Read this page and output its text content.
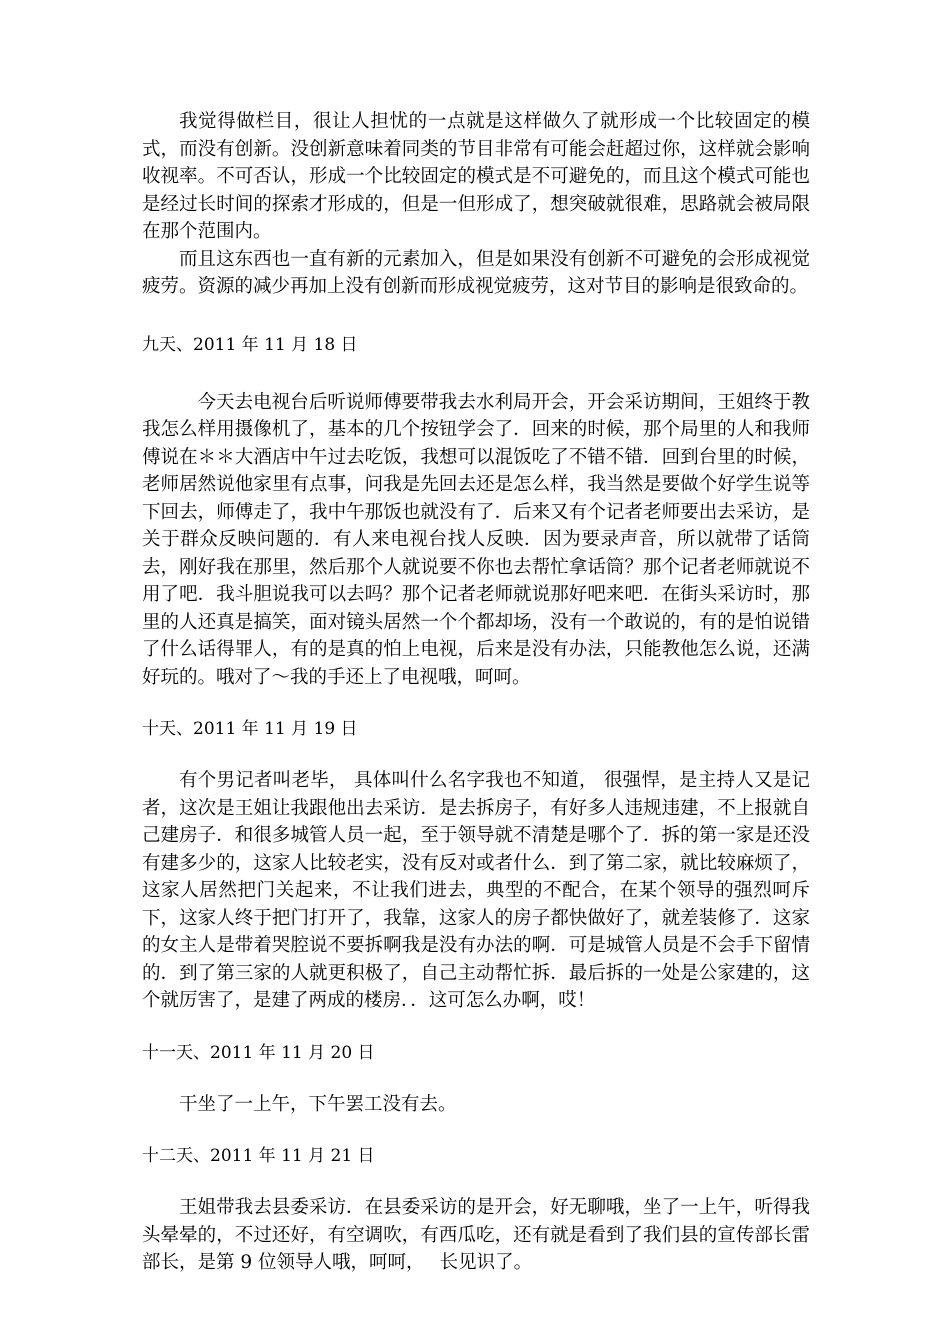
我觉得做栏目，很让人担忧的一点就是这样做久了就形成一个比较固定的模式，而没有创新。没创新意味着同类的节目非常有可能会赶超过你，这样就会影响收视率。不可否认，形成一个比较固定的模式是不可避免的，而且这个模式可能也是经过长时间的探索才形成的，但是一但形成了，想突破就很难，思路就会被局限在那个范围内。

而且这东西也一直有新的元素加入，但是如果没有创新不可避免的会形成视觉疲劳。资源的减少再加上没有创新而形成视觉疲劳，这对节目的影响是很致命的。

九天、2011 年 11 月 18 日

今天去电视台后听说师傅要带我去水利局开会，开会采访期间，王姐终于教我怎么样用摄像机了，基本的几个按钮学会了．回来的时候，那个局里的人和我师傅说在＊＊大酒店中午过去吃饭，我想可以混饭吃了不错不错．回到台里的时候，老师居然说他家里有点事，问我是先回去还是怎么样，我当然是要做个好学生说等下回去，师傅走了，我中午那饭也就没有了．后来又有个记者老师要出去采访，是关于群众反映问题的．有人来电视台找人反映．因为要录声音，所以就带了话筒去，刚好我在那里，然后那个人就说要不你也去帮忙拿话筒？那个记者老师就说不用了吧．我斗胆说我可以去吗？那个记者老师就说那好吧来吧．在街头采访时，那里的人还真是搞笑，面对镜头居然一个个都却场，没有一个敢说的，有的是怕说错了什么话得罪人，有的是真的怕上电视，后来是没有办法，只能教他怎么说，还满好玩的。哦对了～我的手还上了电视哦，呵呵。

十天、2011 年 11 月 19 日

有个男记者叫老毕， 具体叫什么名字我也不知道， 很强悍，是主持人又是记者，这次是王姐让我跟他出去采访．是去拆房子，有好多人违规违建，不上报就自己建房子．和很多城管人员一起，至于领导就不清楚是哪个了．拆的第一家是还没有建多少的，这家人比较老实，没有反对或者什么．到了第二家，就比较麻烦了，这家人居然把门关起来，不让我们进去，典型的不配合，在某个领导的强烈呵斥下，这家人终于把门打开了，我靠，这家人的房子都快做好了，就差装修了．这家的女主人是带着哭腔说不要拆啊我是没有办法的啊．可是城管人员是不会手下留情的．到了第三家的人就更积极了，自己主动帮忙拆．最后拆的一处是公家建的，这个就厉害了，是建了两成的楼房．．这可怎么办啊，哎！

十一天、2011 年 11 月 20 日

干坐了一上午，下午罢工没有去。

十二天、2011 年 11 月 21 日

王姐带我去县委采访．在县委采访的是开会，好无聊哦，坐了一上午，听得我头晕晕的，不过还好，有空调吹，有西瓜吃，还有就是看到了我们县的宣传部长雷部长，是第 9 位领导人哦，呵呵，　 长见识了。
